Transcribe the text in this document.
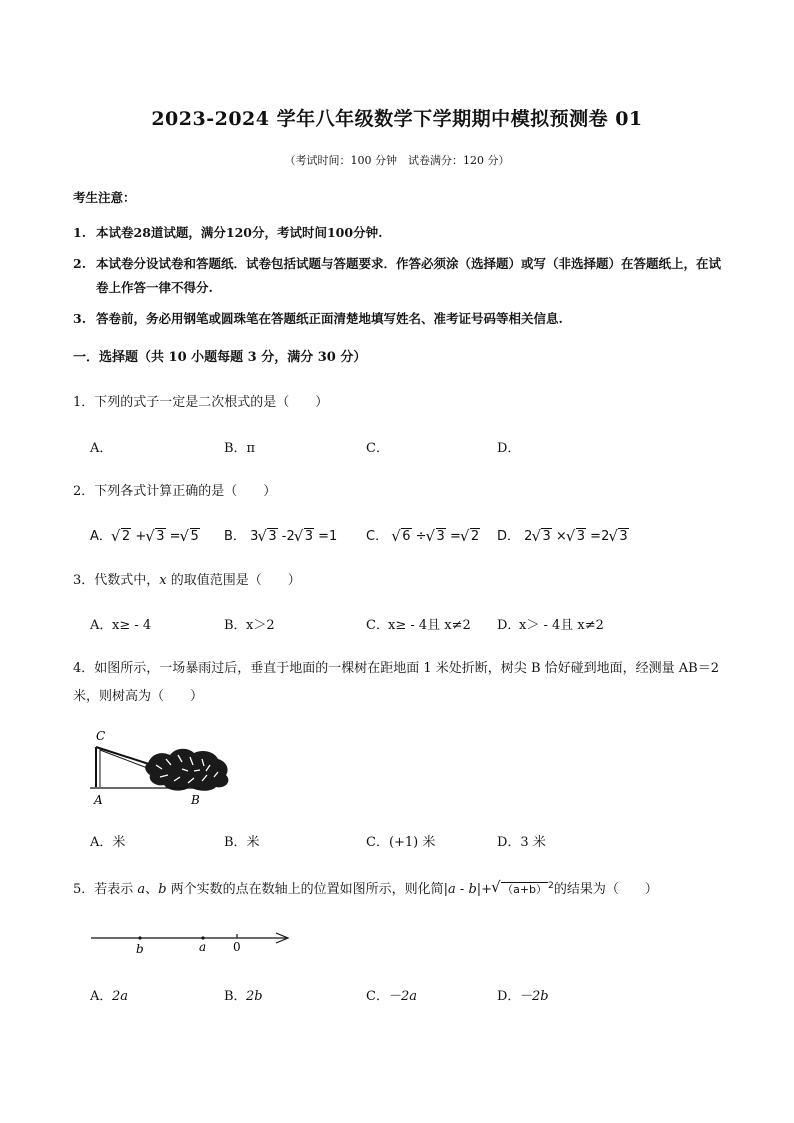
2023-2024 学年八年级数学下学期期中模拟预测卷 01
（考试时间：100 分钟　试卷满分：120 分）
考生注意：
1. 本试卷28道试题，满分120分，考试时间100分钟.
2. 本试卷分设试卷和答题纸．试卷包括试题与答题要求．作答必须涂（选择题）或写（非选择题）在答题纸上，在试卷上作答一律不得分.
3. 答卷前，务必用钢笔或圆珠笔在答题纸正面清楚地填写姓名、准考证号码等相关信息.
一．选择题（共 10 小题每题 3 分，满分 30 分）
1．下列的式子一定是二次根式的是（　　）
A．	B．π	C．	D．
2．下列各式计算正确的是（　　）
A． √ 2 + √ 3 = √ 5 B． 3 √ 3 -2 √ 3 =1 C． √ 6 ÷ √ 3 = √ 2 D． 2 √ 3 × √ 3 =2 √ 3
3．代数式中，x 的取值范围是（　　）
A．x≥ - 4	B．x＞2	C．x≥ - 4且 x≠2 D．x＞ - 4且 x≠2
4．如图所示，一场暴雨过后，垂直于地面的一棵树在距地面 1 米处折断，树尖 B 恰好碰到地面，经测量 AB＝2 米，则树高为（　　）
C
A	B
A．米	B．米	C．(+1) 米	D．3 米
5．若表示 a、b 两个实数的点在数轴上的位置如图所示，则化简|a - b|+ √ $(a+b)^2$的结果为（　　）
b	a 0
A．2a	B．2b	C．－2a	D．－2b
